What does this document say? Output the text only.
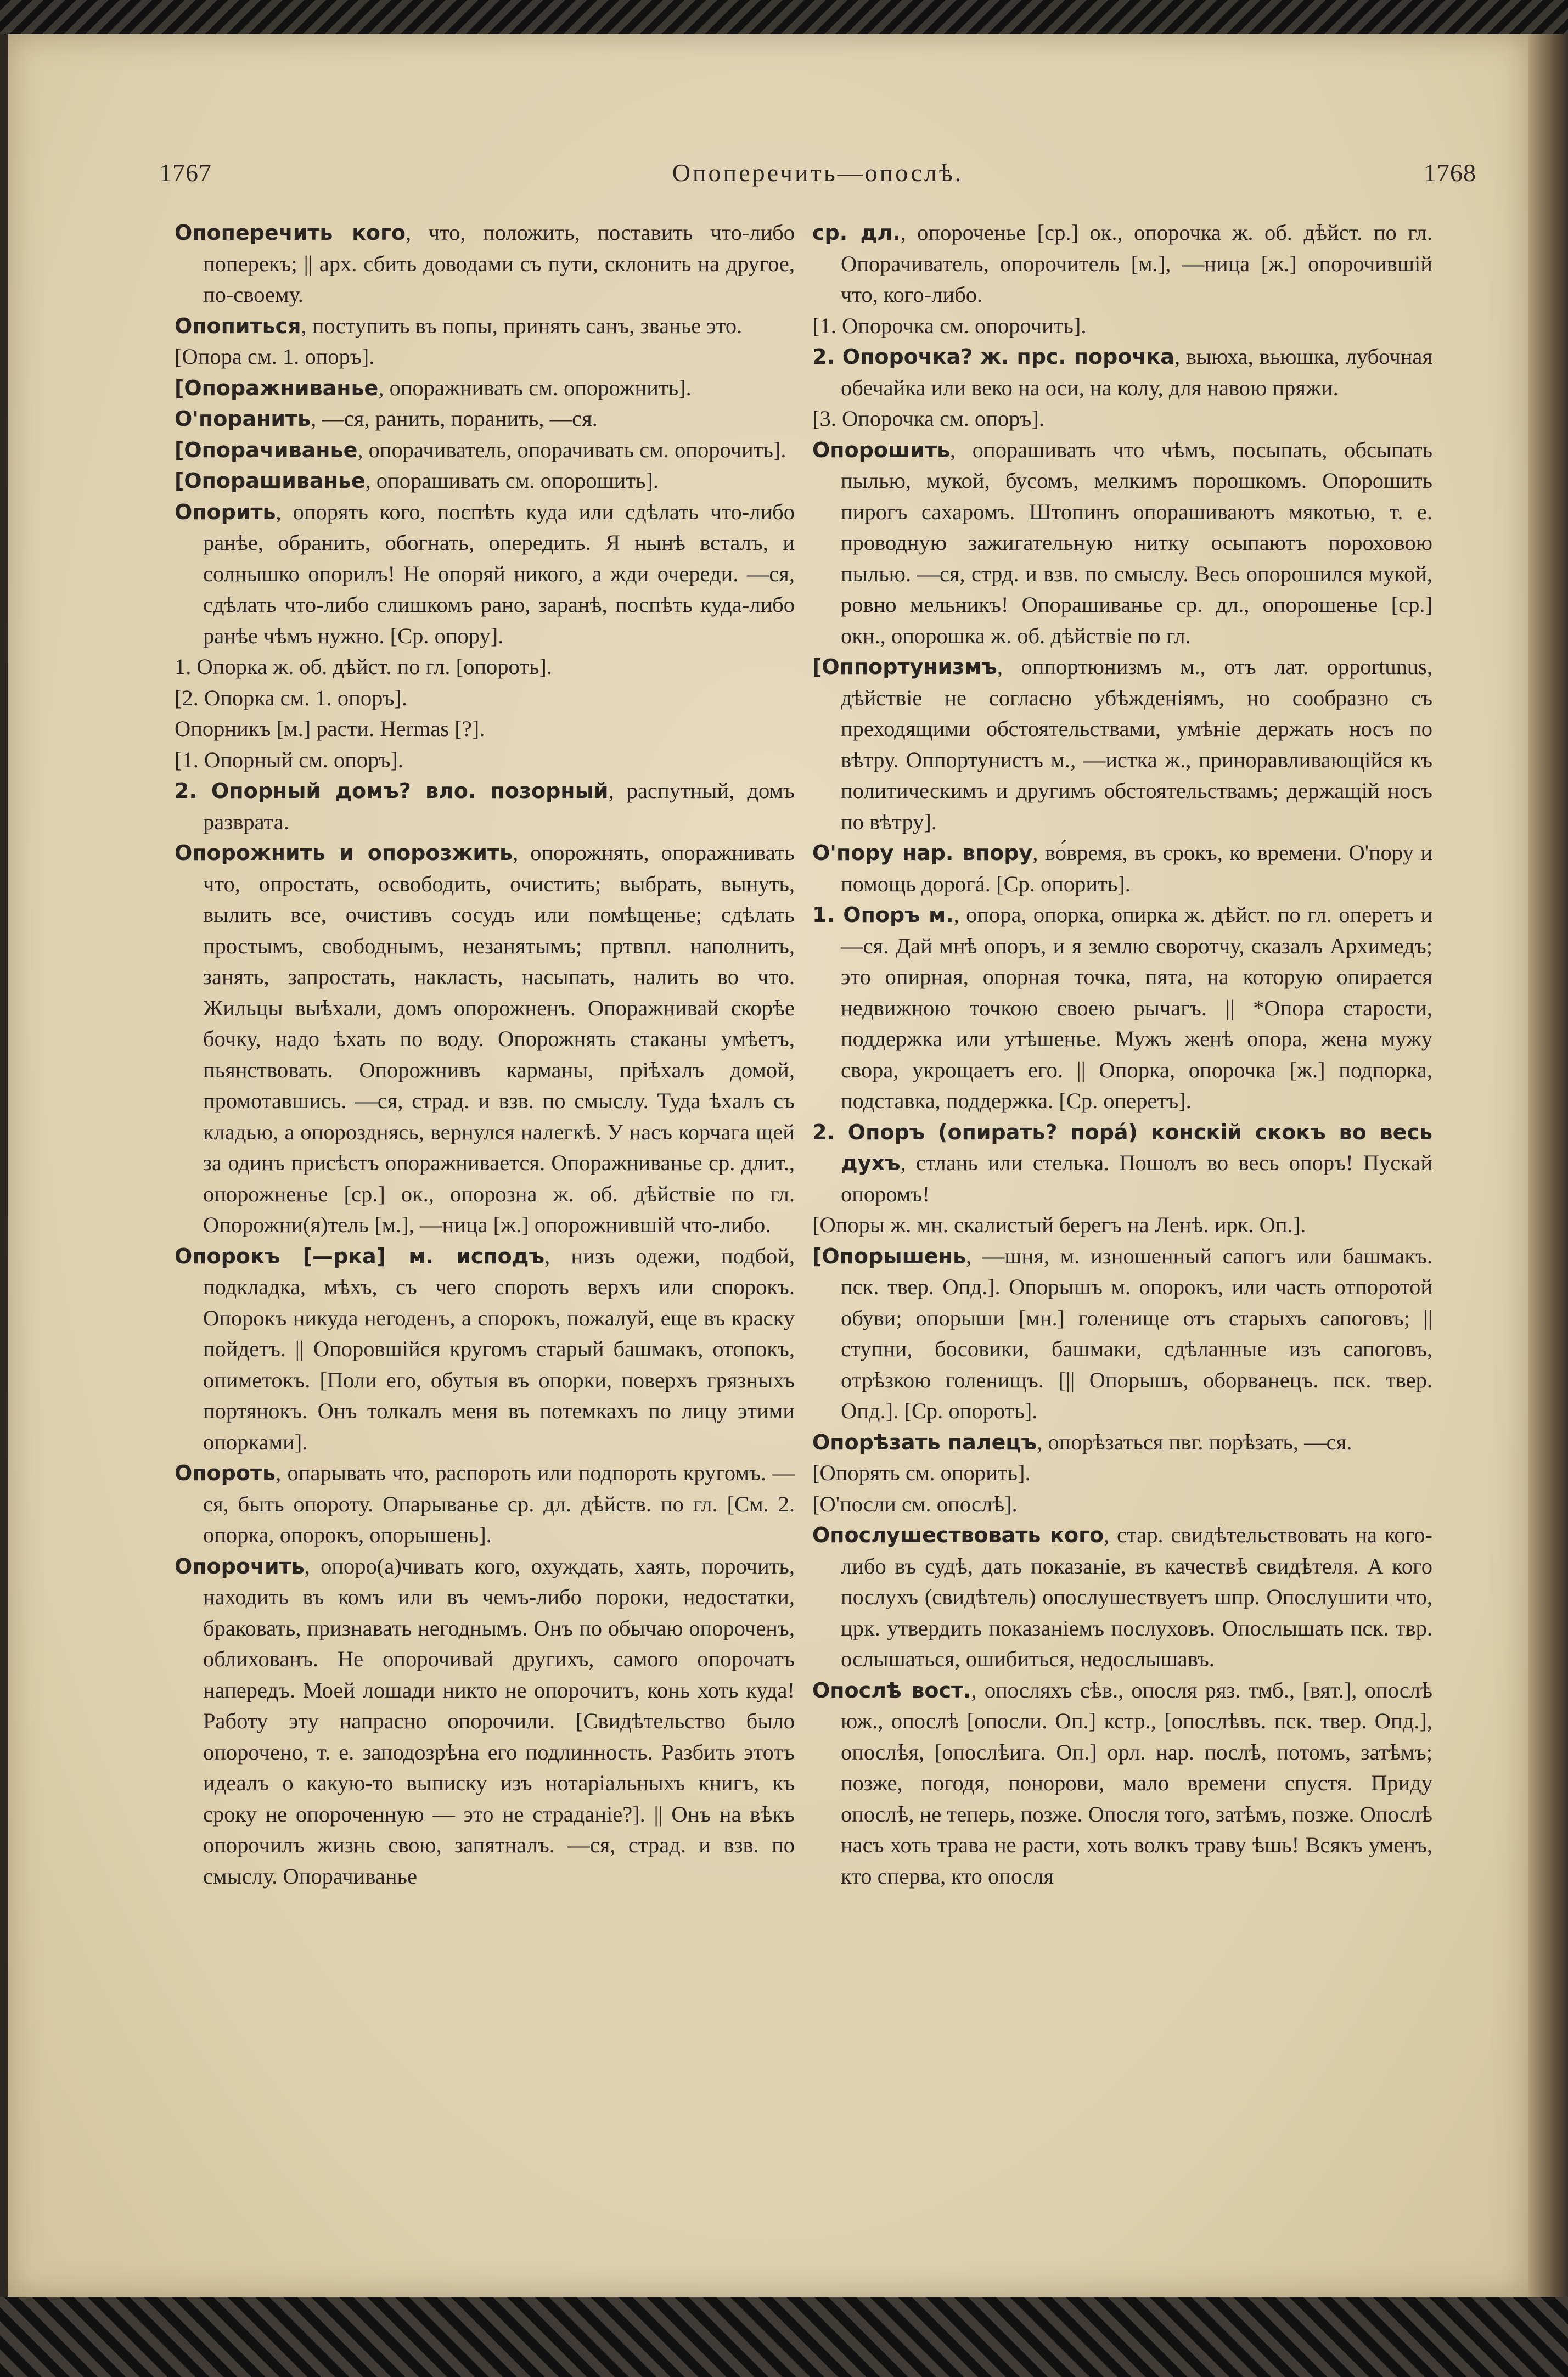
1767	Опоперечить—опослѣ.	1768

Опоперечить кого, что, положить, поставить что-либо поперекъ; || арх. сбить доводами съ пути, склонить на другое, по-своему.

Опопиться, поступить въ попы, принять санъ, званье это.

[Опора см. 1. опоръ].

[Опоражниванье, опоражнивать см. опорожнить].

О'поранить, —ся, ранить, поранить, —ся.

[Опорачиванье, опорачиватель, опорачивать см. опорочить].

[Опорашиванье, опорашивать см. опорошить].

Опорить, опорять кого, поспѣть куда или сдѣлать что-либо ранѣе, обранить, обогнать, опередить. Я нынѣ всталъ, и солнышко опорилъ! Не опоряй никого, а жди очереди. —ся, сдѣлать что-либо слишкомъ рано, заранѣ, поспѣть куда-либо ранѣе чѣмъ нужно. [Ср. опору].

1. Опорка ж. об. дѣйст. по гл. [опороть].

[2. Опорка см. 1. опоръ].

Опорникъ [м.] расти. Hermas [?].

[1. Опорный см. опоръ].

2. Опорный домъ? вло. позорный, распутный, домъ разврата.

Опорожнить и опорозжить, опорожнять, опоражнивать что, опростать, освободить, очистить; выбрать, вынуть, вылить все, очистивъ сосудъ или помѣщенье; сдѣлать простымъ, свободнымъ, незанятымъ; пртвпл. наполнить, занять, запростать, накласть, насыпать, налить во что. Жильцы выѣхали, домъ опорожненъ. Опоражнивай скорѣе бочку, надо ѣхать по воду. Опорожнять стаканы умѣетъ, пьянствовать. Опорожнивъ карманы, пріѣхалъ домой, промотавшись. —ся, страд. и взв. по смыслу. Туда ѣхалъ съ кладью, а опорозднясь, вернулся налегкѣ. У насъ корчага щей за одинъ присѣстъ опоражнивается. Опоражниванье ср. длит., опорожненье [ср.] ок., опорозна ж. об. дѣйствіе по гл. Опорожни(я)тель [м.], —ница [ж.] опорожнившій что-либо.

Опорокъ [—рка] м. исподъ, низъ одежи, подбой, подкладка, мѣхъ, съ чего спороть верхъ или спорокъ. Опорокъ никуда негоденъ, а спорокъ, пожалуй, еще въ краску пойдетъ. || Опоровшійся кругомъ старый башмакъ, отопокъ, опиметокъ. [Поли его, обутыя въ опорки, поверхъ грязныхъ портянокъ. Онъ толкалъ меня въ потемкахъ по лицу этими опорками].

Опороть, опарывать что, распороть или подпороть кругомъ. —ся, быть опороту. Опарыванье ср. дл. дѣйств. по гл. [См. 2. опорка, опорокъ, опорышень].

Опорочить, опоро(а)чивать кого, охуждать, хаять, порочить, находить въ комъ или въ чемъ-либо пороки, недостатки, браковать, признавать негоднымъ. Онъ по обычаю опороченъ, облихованъ. Не опорочивай другихъ, самого опорочатъ напередъ. Моей лошади никто не опорочитъ, конь хоть куда! Работу эту напрасно опорочили. [Свидѣтельство было опорочено, т. е. заподозрѣна его подлинность. Разбить этотъ идеалъ о какую-то выписку изъ нотаріальныхъ книгъ, къ сроку не опороченную — это не страданіе?]. || Онъ на вѣкъ опорочилъ жизнь свою, запятналъ. —ся, страд. и взв. по смыслу. Опорачиванье

ср. дл., опороченье [ср.] ок., опорочка ж. об. дѣйст. по гл. Опорачиватель, опорочитель [м.], —ница [ж.] опорочившій что, кого-либо.

[1. Опорочка см. опорочить].

2. Опорочка? ж. прс. порочка, выюха, вьюшка, лубочная обечайка или веко на оси, на колу, для навою пряжи.

[3. Опорочка см. опоръ].

Опорошить, опорашивать что чѣмъ, посыпать, обсыпать пылью, мукой, бусомъ, мелкимъ порошкомъ. Опорошить пирогъ сахаромъ. Штопинъ опорашиваютъ мякотью, т. е. проводную зажигательную нитку осыпаютъ пороховою пылью. —ся, стрд. и взв. по смыслу. Весь опорошился мукой, ровно мельникъ! Опорашиванье ср. дл., опорошенье [ср.] окн., опорошка ж. об. дѣйствіе по гл.

[Оппортунизмъ, оппортюнизмъ м., отъ лат. opportunus, дѣйствіе не согласно убѣжденіямъ, но сообразно съ преходящими обстоятельствами, умѣніе держать носъ по вѣтру. Оппортунистъ м., —истка ж., приноравливающійся къ политическимъ и другимъ обстоятельствамъ; держащій носъ по вѣтру].

О'пору нар. впору, во́время, въ срокъ, ко времени. О'пору и помощь дорогá. [Ср. опорить].

1. Опоръ м., опора, опорка, опирка ж. дѣйст. по гл. оперетъ и —ся. Дай мнѣ опоръ, и я землю своротчу, сказалъ Архимедъ; это опирная, опорная точка, пята, на которую опирается недвижною точкою своею рычагъ. || *Опора старости, поддержка или утѣшенье. Мужъ женѣ опора, жена мужу свора, укрощаетъ его. || Опорка, опорочка [ж.] подпорка, подставка, поддержка. [Ср. оперетъ].

2. Опоръ (опирать? порá) конскій скокъ во весь духъ, стлань или стелька. Пошолъ во весь опоръ! Пускай опоромъ!

[Опоры ж. мн. скалистый берегъ на Ленѣ. ирк. Оп.].

[Опорышень, —шня, м. изношенный сапогъ или башмакъ. пск. твер. Опд.]. Опорышъ м. опорокъ, или часть отпоротой обуви; опорыши [мн.] голенище отъ старыхъ сапоговъ; || ступни, босовики, башмаки, сдѣланные изъ сапоговъ, отрѣзкою голенищъ. [|| Опорышъ, оборванецъ. пск. твер. Опд.]. [Ср. опороть].

Опорѣзать палецъ, опорѣзаться пвг. порѣзать, —ся.

[Опорять см. опорить].

[О'посли см. опослѣ].

Опослушествовать кого, стар. свидѣтельствовать на кого-либо въ судѣ, дать показаніе, въ качествѣ свидѣтеля. А кого послухъ (свидѣтель) опослушествуетъ шпр. Опослушити что, црк. утвердить показаніемъ послуховъ. Опослышать пск. твр. ослышаться, ошибиться, недослышавъ.

Опослѣ вост., опосляхъ сѣв., опосля ряз. тмб., [вят.], опослѣ юж., опослѣ [опосли. Оп.] кстр., [опослѣвъ. пск. твер. Опд.], опослѣя, [опослѣига. Оп.] орл. нар. послѣ, потомъ, затѣмъ; позже, погодя, понорови, мало времени спустя. Приду опослѣ, не теперь, позже. Опосля того, затѣмъ, позже. Опослѣ насъ хоть трава не расти, хоть волкъ траву ѣшь! Всякъ уменъ, кто сперва, кто опосля
